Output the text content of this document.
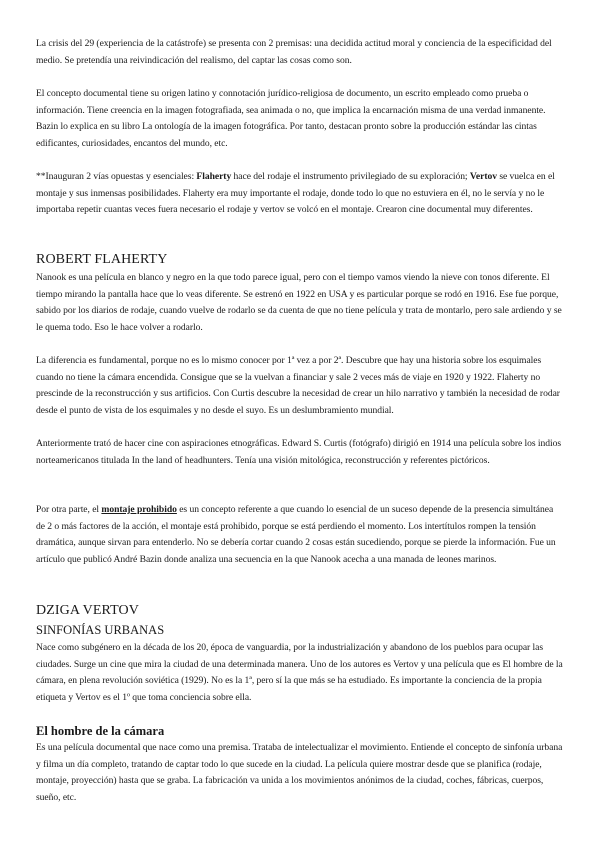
La crisis del 29 (experiencia de la catástrofe) se presenta con 2 premisas: una decidida actitud moral y conciencia de la especificidad del medio. Se pretendía una reivindicación del realismo, del captar las cosas como son.

El concepto documental tiene su origen latino y connotación jurídico-religiosa de documento, un escrito empleado como prueba o información. Tiene creencia en la imagen fotografiada, sea animada o no, que implica la encarnación misma de una verdad inmanente. Bazin lo explica en su libro La ontología de la imagen fotográfica. Por tanto, destacan pronto sobre la producción estándar las cintas edificantes, curiosidades, encantos del mundo, etc.

**Inauguran 2 vías opuestas y esenciales: Flaherty hace del rodaje el instrumento privilegiado de su exploración; Vertov se vuelca en el montaje y sus inmensas posibilidades. Flaherty era muy importante el rodaje, donde todo lo que no estuviera en él, no le servía y no le importaba repetir cuantas veces fuera necesario el rodaje y vertov se volcó en el montaje. Crearon cine documental muy diferentes.

ROBERT FLAHERTY

Nanook es una película en blanco y negro en la que todo parece igual, pero con el tiempo vamos viendo la nieve con tonos diferente. El tiempo mirando la pantalla hace que lo veas diferente. Se estrenó en 1922 en USA y es particular porque se rodó en 1916. Ese fue porque, sabido por los diarios de rodaje, cuando vuelve de rodarlo se da cuenta de que no tiene película y trata de montarlo, pero sale ardiendo y se le quema todo. Eso le hace volver a rodarlo.

La diferencia es fundamental, porque no es lo mismo conocer por 1ª vez a por 2ª. Descubre que hay una historia sobre los esquimales cuando no tiene la cámara encendida. Consigue que se la vuelvan a financiar y sale 2 veces más de viaje en 1920 y 1922. Flaherty no prescinde de la reconstrucción y sus artificios. Con Curtis descubre la necesidad de crear un hilo narrativo y también la necesidad de rodar desde el punto de vista de los esquimales y no desde el suyo. Es un deslumbramiento mundial.

Anteriormente trató de hacer cine con aspiraciones etnográficas. Edward S. Curtis (fotógrafo) dirigió en 1914 una película sobre los indios norteamericanos titulada In the land of headhunters. Tenía una visión mitológica, reconstrucción y referentes pictóricos.

Por otra parte, el montaje prohibido es un concepto referente a que cuando lo esencial de un suceso depende de la presencia simultánea de 2 o más factores de la acción, el montaje está prohibido, porque se está perdiendo el momento. Los intertítulos rompen la tensión dramática, aunque sirvan para entenderlo. No se debería cortar cuando 2 cosas están sucediendo, porque se pierde la información. Fue un artículo que publicó André Bazin donde analiza una secuencia en la que Nanook acecha a una manada de leones marinos.

DZIGA VERTOV
SINFONÍAS URBANAS

Nace como subgénero en la década de los 20, época de vanguardia, por la industrialización y abandono de los pueblos para ocupar las ciudades. Surge un cine que mira la ciudad de una determinada manera. Uno de los autores es Vertov y una película que es El hombre de la cámara, en plena revolución soviética (1929). No es la 1ª, pero sí la que más se ha estudiado. Es importante la conciencia de la propia etiqueta y Vertov es el 1º que toma conciencia sobre ella.

El hombre de la cámara

Es una película documental que nace como una premisa. Trataba de intelectualizar el movimiento. Entiende el concepto de sinfonía urbana y filma un día completo, tratando de captar todo lo que sucede en la ciudad. La película quiere mostrar desde que se planifica (rodaje, montaje, proyección) hasta que se graba. La fabricación va unida a los movimientos anónimos de la ciudad, coches, fábricas, cuerpos, sueño, etc.
